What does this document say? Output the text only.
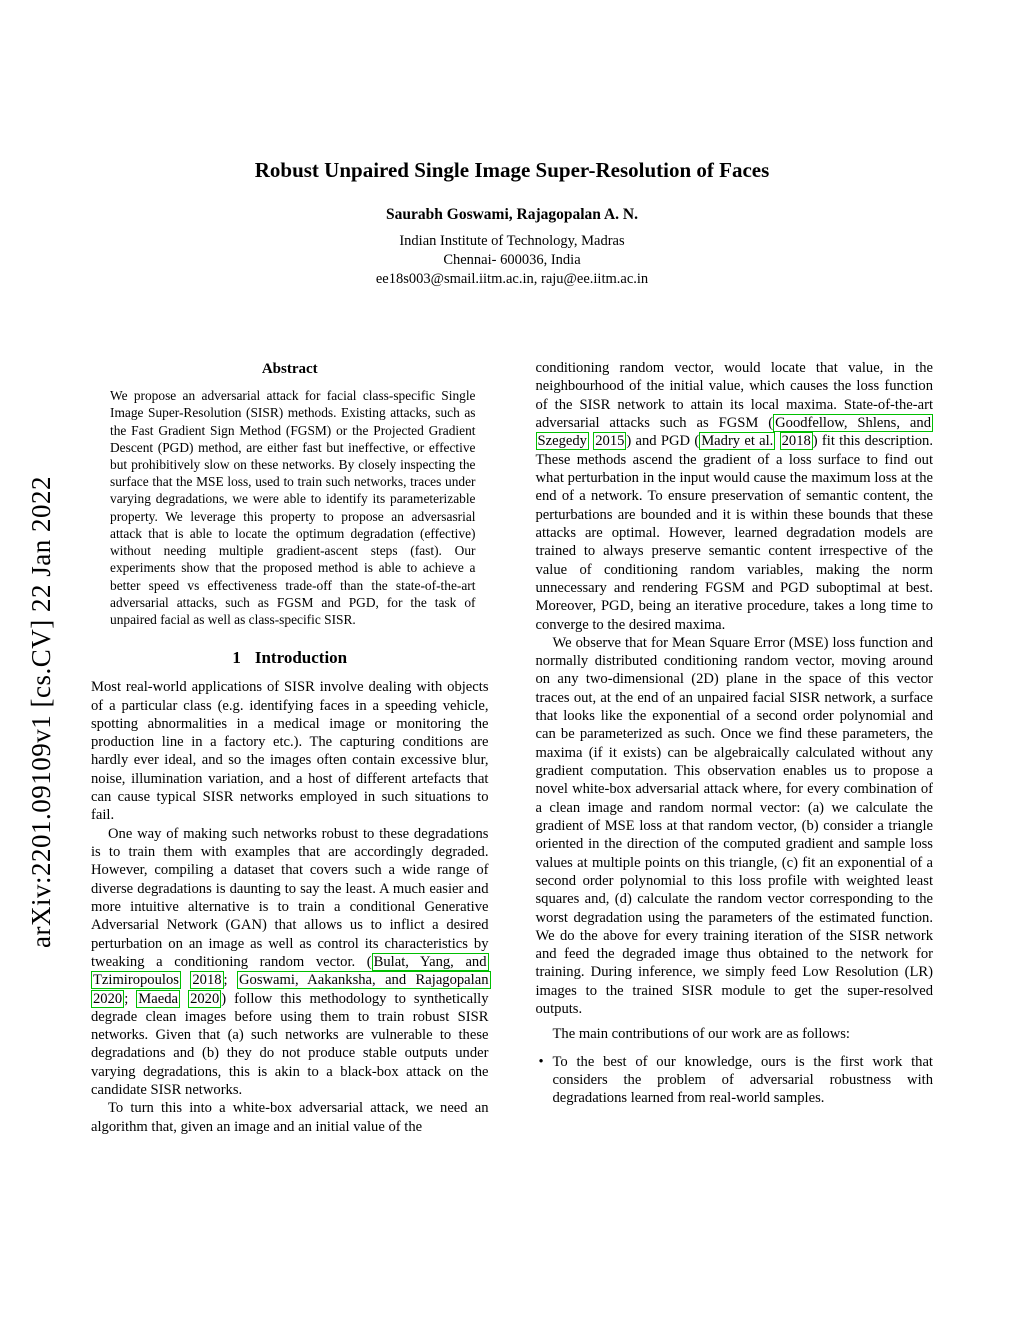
arXiv:2201.09109v1 [cs.CV] 22 Jan 2022
Robust Unpaired Single Image Super-Resolution of Faces
Saurabh Goswami, Rajagopalan A. N.
Indian Institute of Technology, Madras
Chennai- 600036, India
ee18s003@smail.iitm.ac.in, raju@ee.iitm.ac.in
Abstract

We propose an adversarial attack for facial class-specific Single Image Super-Resolution (SISR) methods. Existing attacks, such as the Fast Gradient Sign Method (FGSM) or the Projected Gradient Descent (PGD) method, are either fast but ineffective, or effective but prohibitively slow on these networks. By closely inspecting the surface that the MSE loss, used to train such networks, traces under varying degradations, we were able to identify its parameterizable property. We leverage this property to propose an adversasrial attack that is able to locate the optimum degradation (effective) without needing multiple gradient-ascent steps (fast). Our experiments show that the proposed method is able to achieve a better speed vs effectiveness trade-off than the state-of-the-art adversarial attacks, such as FGSM and PGD, for the task of unpaired facial as well as class-specific SISR.

1 Introduction

Most real-world applications of SISR involve dealing with objects of a particular class (e.g. identifying faces in a speeding vehicle, spotting abnormalities in a medical image or monitoring the production line in a factory etc.). The capturing conditions are hardly ever ideal, and so the images often contain excessive blur, noise, illumination variation, and a host of different artefacts that can cause typical SISR networks employed in such situations to fail.

One way of making such networks robust to these degradations is to train them with examples that are accordingly degraded. However, compiling a dataset that covers such a wide range of diverse degradations is daunting to say the least. A much easier and more intuitive alternative is to train a conditional Generative Adversarial Network (GAN) that allows us to inflict a desired perturbation on an image as well as control its characteristics by tweaking a conditioning random vector. ( Bulat, Yang, and Tzimiropoulos 2018 ; Goswami, Aakanksha, and Rajagopalan 2020 ; Maeda 2020 ) follow this methodology to synthetically degrade clean images before using them to train robust SISR networks. Given that (a) such networks are vulnerable to these degradations and (b) they do not produce stable outputs under varying degradations, this is akin to a black-box attack on the candidate SISR networks.

To turn this into a white-box adversarial attack, we need an algorithm that, given an image and an initial value of the

conditioning random vector, would locate that value, in the neighbourhood of the initial value, which causes the loss function of the SISR network to attain its local maxima. State-of-the-art adversarial attacks such as FGSM ( Goodfellow, Shlens, and Szegedy 2015 ) and PGD ( Madry et al. 2018 ) fit this description. These methods ascend the gradient of a loss surface to find out what perturbation in the input would cause the maximum loss at the end of a network. To ensure preservation of semantic content, the perturbations are bounded and it is within these bounds that these attacks are optimal. However, learned degradation models are trained to always preserve semantic content irrespective of the value of conditioning random variables, making the norm unnecessary and rendering FGSM and PGD suboptimal at best. Moreover, PGD, being an iterative procedure, takes a long time to converge to the desired maxima.

We observe that for Mean Square Error (MSE) loss function and normally distributed conditioning random vector, moving around on any two-dimensional (2D) plane in the space of this vector traces out, at the end of an unpaired facial SISR network, a surface that looks like the exponential of a second order polynomial and can be parameterized as such. Once we find these parameters, the maxima (if it exists) can be algebraically calculated without any gradient computation. This observation enables us to propose a novel white-box adversarial attack where, for every combination of a clean image and random normal vector: (a) we calculate the gradient of MSE loss at that random vector, (b) consider a triangle oriented in the direction of the computed gradient and sample loss values at multiple points on this triangle, (c) fit an exponential of a second order polynomial to this loss profile with weighted least squares and, (d) calculate the random vector corresponding to the worst degradation using the parameters of the estimated function. We do the above for every training iteration of the SISR network and feed the degraded image thus obtained to the network for training. During inference, we simply feed Low Resolution (LR) images to the trained SISR module to get the super-resolved outputs.

The main contributions of our work are as follows:

• To the best of our knowledge, ours is the first work that considers the problem of adversarial robustness with degradations learned from real-world samples.
